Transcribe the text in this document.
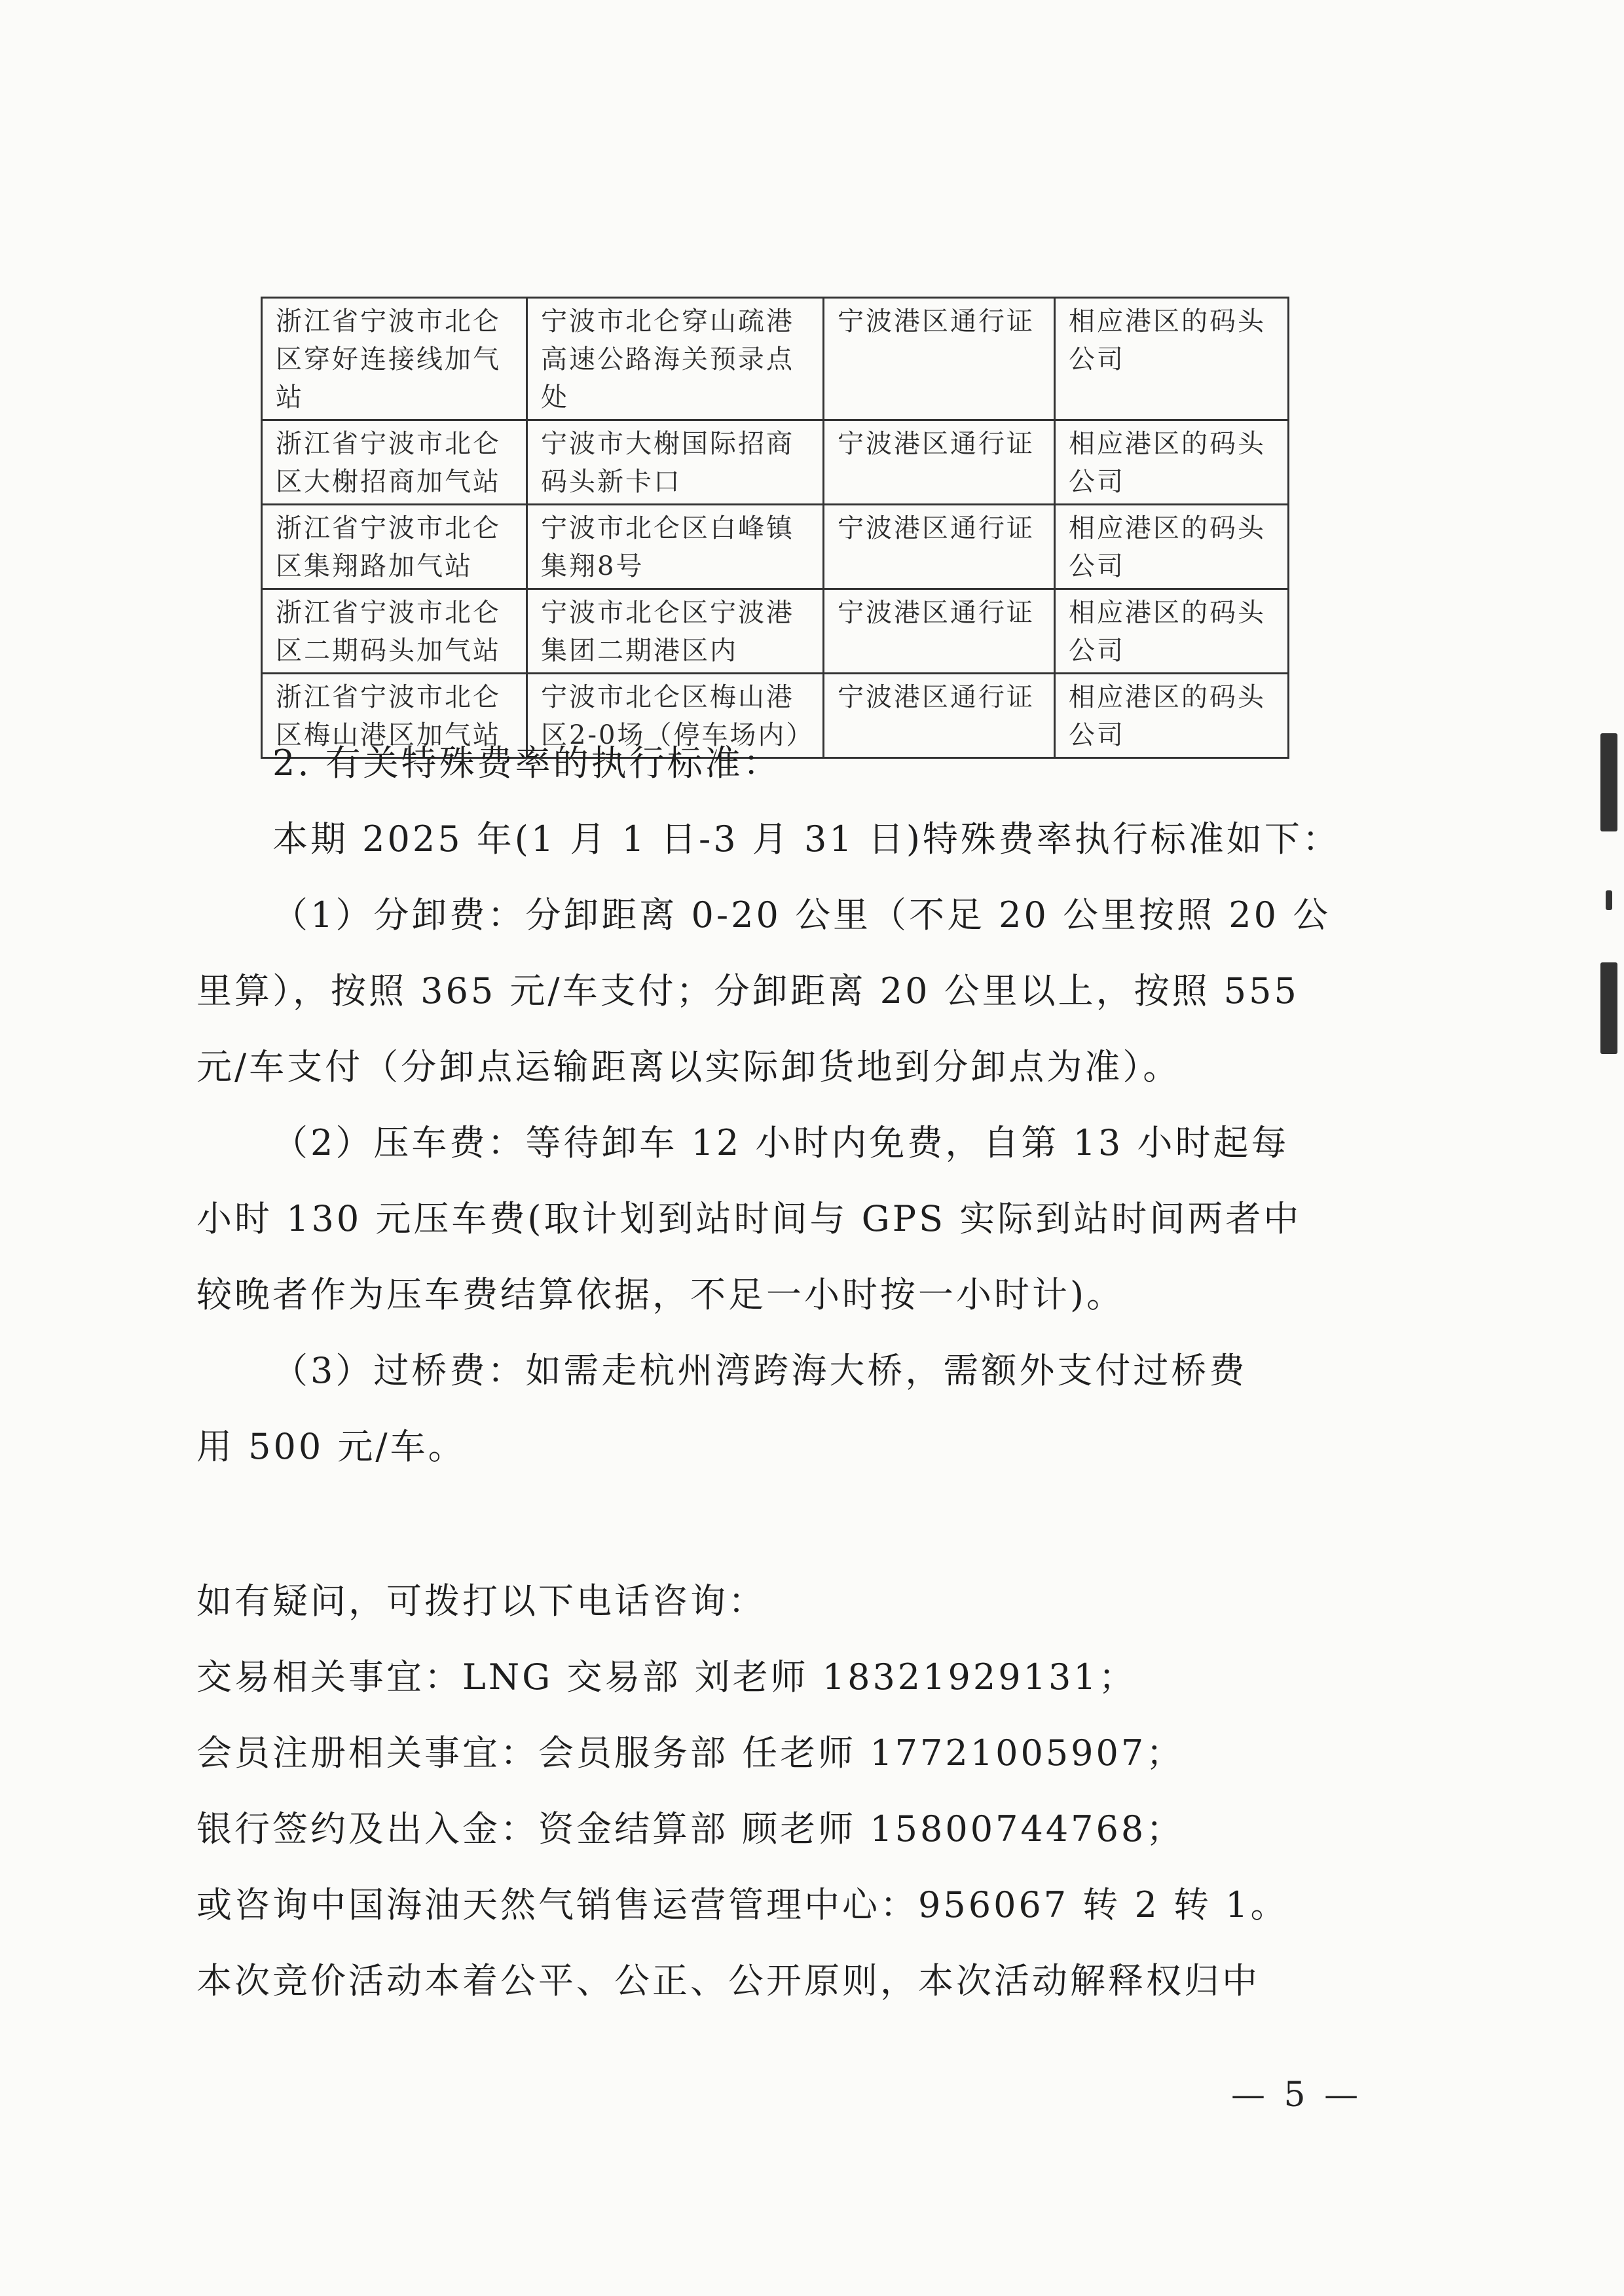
浙江省宁波市北仑区穿好连接线加气站	宁波市北仑穿山疏港高速公路海关预录点处	宁波港区通行证	相应港区的码头公司
浙江省宁波市北仑区大榭招商加气站	宁波市大榭国际招商码头新卡口	宁波港区通行证	相应港区的码头公司
浙江省宁波市北仑区集翔路加气站	宁波市北仑区白峰镇集翔8号	宁波港区通行证	相应港区的码头公司
浙江省宁波市北仑区二期码头加气站	宁波市北仑区宁波港集团二期港区内	宁波港区通行证	相应港区的码头公司
浙江省宁波市北仑区梅山港区加气站	宁波市北仑区梅山港区2-0场（停车场内）	宁波港区通行证	相应港区的码头公司
2. 有关特殊费率的执行标准：
本期 2025 年(1 月 1 日-3 月 31 日)特殊费率执行标准如下：
（1）分卸费：分卸距离 0-20 公里（不足 20 公里按照 20 公
里算），按照 365 元/车支付；分卸距离 20 公里以上，按照 555
元/车支付（分卸点运输距离以实际卸货地到分卸点为准）。
（2）压车费：等待卸车 12 小时内免费，自第 13 小时起每
小时 130 元压车费(取计划到站时间与 GPS 实际到站时间两者中
较晚者作为压车费结算依据，不足一小时按一小时计)。
（3）过桥费：如需走杭州湾跨海大桥，需额外支付过桥费
用 500 元/车。
如有疑问，可拨打以下电话咨询：
交易相关事宜：LNG 交易部 刘老师 18321929131；
会员注册相关事宜：会员服务部 任老师 17721005907；
银行签约及出入金：资金结算部 顾老师 15800744768；
或咨询中国海油天然气销售运营管理中心：956067 转 2 转 1。
本次竞价活动本着公平、公正、公开原则，本次活动解释权归中
— 5 —
